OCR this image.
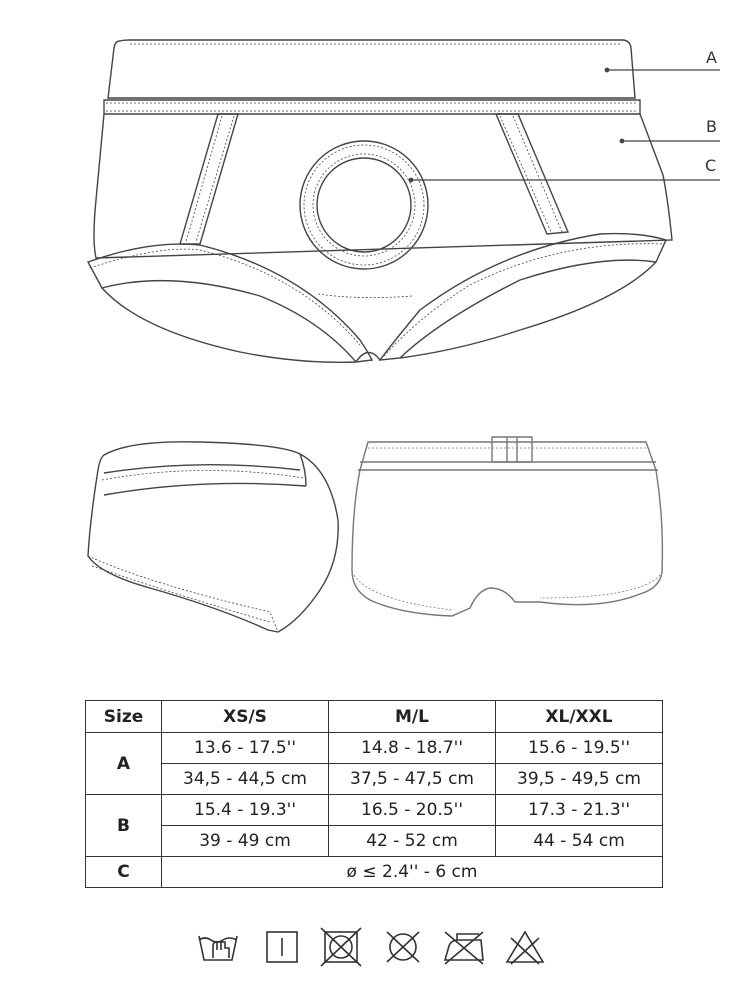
A
B
C
Size	XS/S	M/L	XL/XXL
A	13.6 - 17.5''	14.8 - 18.7''	15.6 - 19.5''
	34,5 - 44,5 cm	37,5 - 47,5 cm	39,5 - 49,5 cm
B	15.4 - 19.3''	16.5 - 20.5''	17.3 - 21.3''
	39 - 49 cm	42 - 52 cm	44 - 54 cm
C	ø ≤ 2.4'' - 6 cm		
